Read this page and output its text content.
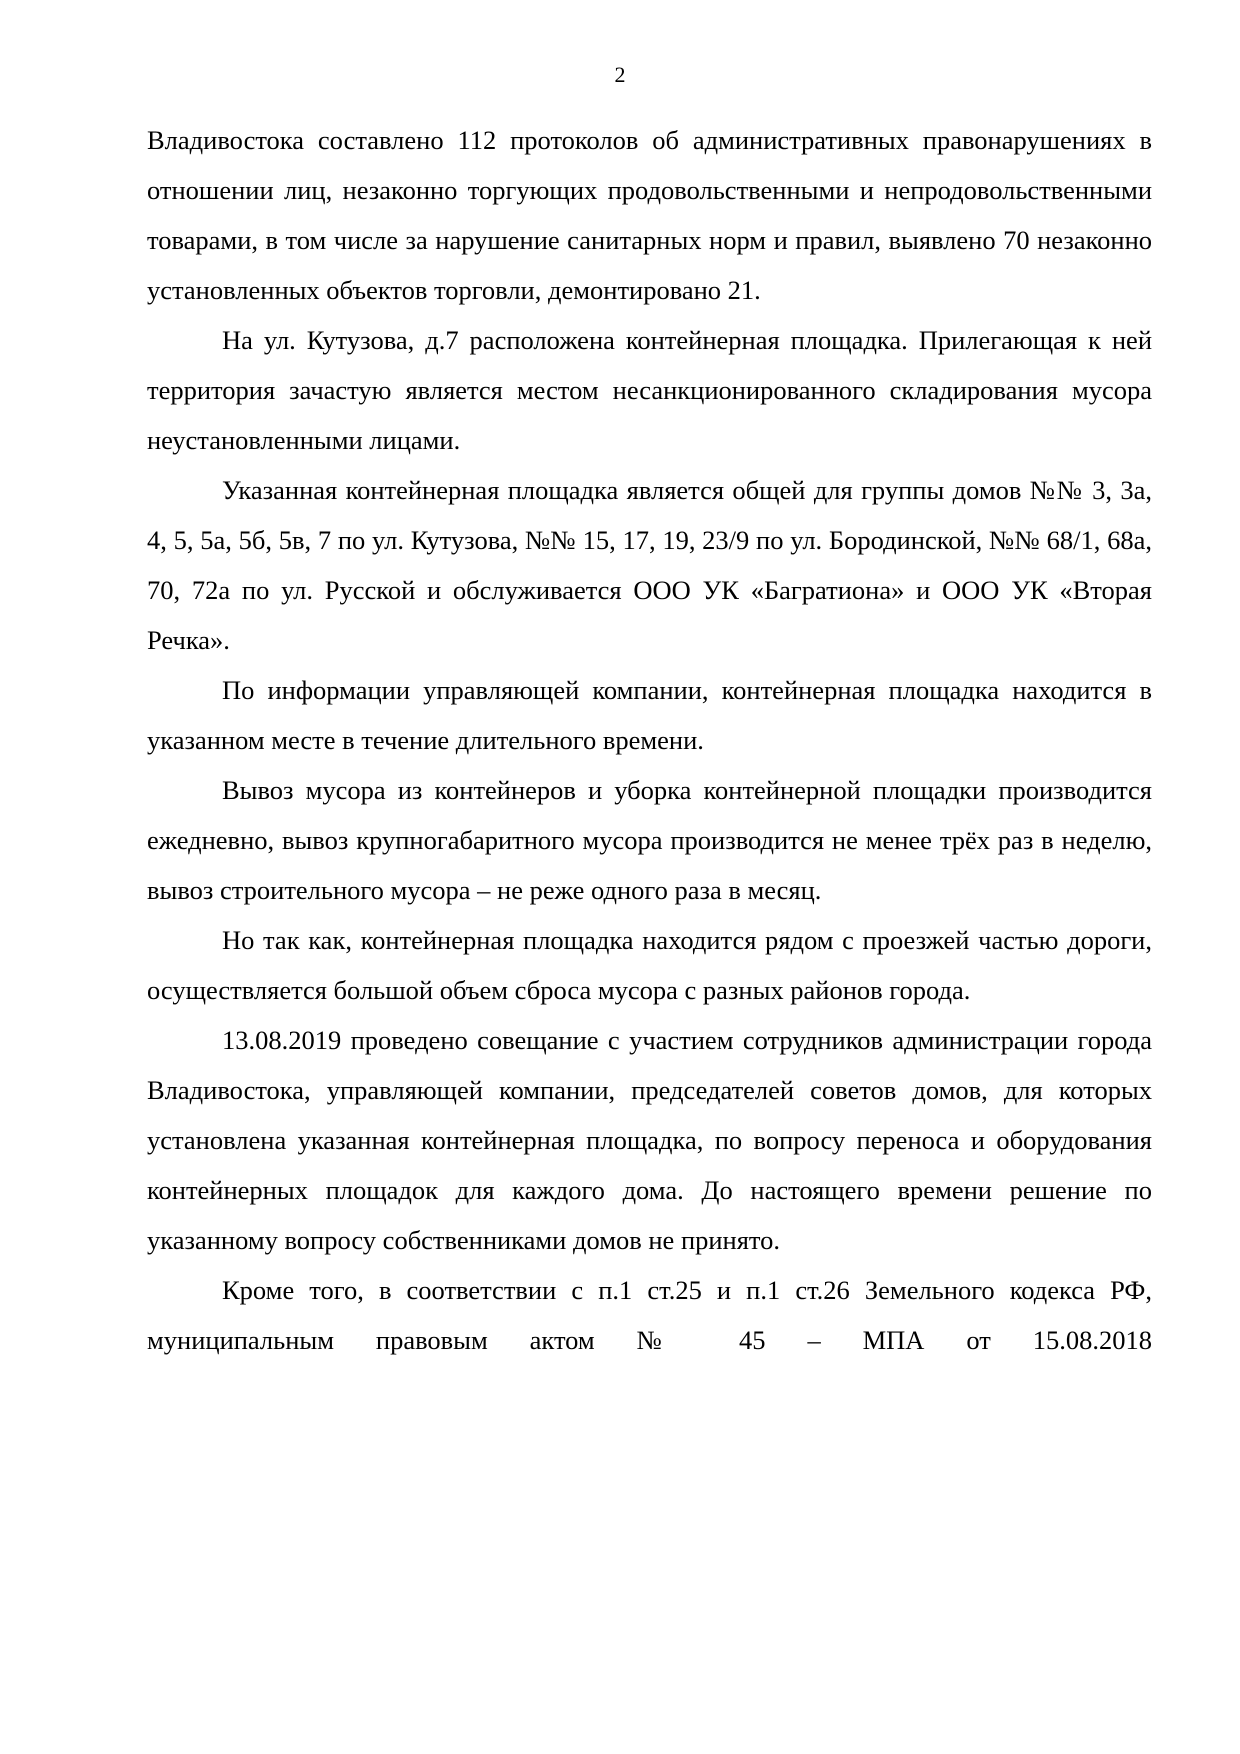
2

Владивостока составлено 112 протоколов об административных правонарушениях в отношении лиц, незаконно торгующих продовольственными и непродовольственными товарами, в том числе за нарушение санитарных норм и правил, выявлено 70 незаконно установленных объектов торговли, демонтировано 21.

На ул. Кутузова, д.7 расположена контейнерная площадка. Прилегающая к ней территория зачастую является местом несанкционированного складирования мусора неустановленными лицами.

Указанная контейнерная площадка является общей для группы домов №№ 3, 3а, 4, 5, 5а, 5б, 5в, 7 по ул. Кутузова, №№ 15, 17, 19, 23/9 по ул. Бородинской, №№ 68/1, 68а, 70, 72а по ул. Русской и обслуживается ООО УК «Багратиона» и ООО УК «Вторая Речка».

По информации управляющей компании, контейнерная площадка находится в указанном месте в течение длительного времени.

Вывоз мусора из контейнеров и уборка контейнерной площадки производится ежедневно, вывоз крупногабаритного мусора производится не менее трёх раз в неделю, вывоз строительного мусора – не реже одного раза в месяц.

Но так как, контейнерная площадка находится рядом с проезжей частью дороги, осуществляется большой объем сброса мусора с разных районов города.

13.08.2019 проведено совещание с участием сотрудников администрации города Владивостока, управляющей компании, председателей советов домов, для которых установлена указанная контейнерная площадка, по вопросу переноса и оборудования контейнерных площадок для каждого дома. До настоящего времени решение по указанному вопросу собственниками домов не принято.

Кроме того, в соответствии с п.1 ст.25 и п.1 ст.26 Земельного кодекса РФ, муниципальным правовым актом № 45 – МПА от 15.08.2018
